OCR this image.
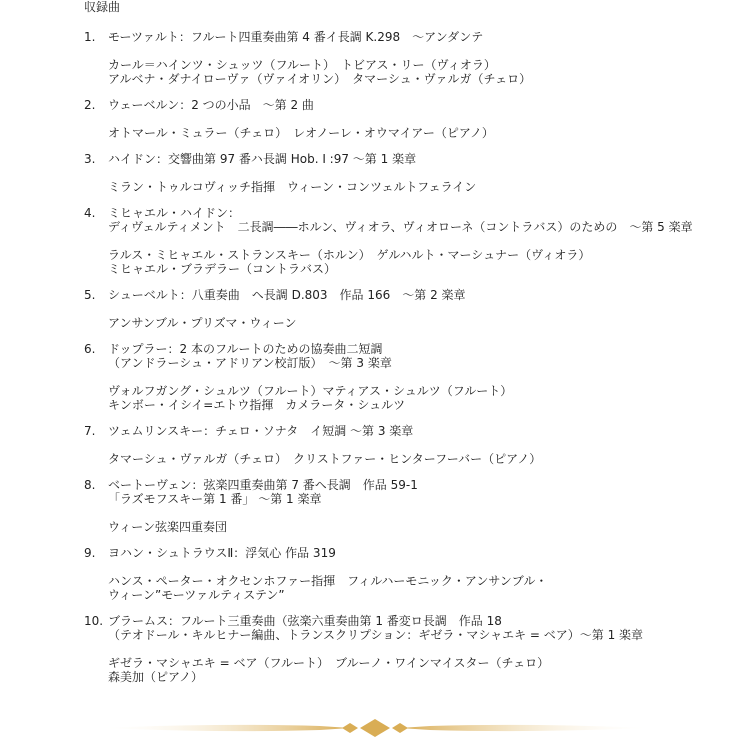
収録曲
1.	モーツァルト：フルート四重奏曲第 4 番イ長調 K.298　～アンダンテ
カール＝ハインツ・シュッツ（フルート）　トビアス・リー（ヴィオラ）
アルベナ・ダナイローヴァ（ヴァイオリン）　タマーシュ・ヴァルガ（チェロ）
2.	ウェーベルン：2 つの小品　～第 2 曲
オトマール・ミュラー（チェロ）　レオノーレ・オウマイアー（ピアノ）
3.	ハイドン：交響曲第 97 番ハ長調 Hob. Ⅰ :97 ～第 1 楽章
ミラン・トゥルコヴィッチ指揮　ウィーン・コンツェルトフェライン
4.	ミヒャエル・ハイドン：
ディヴェルティメント　二長調――ホルン、ヴィオラ、ヴィオローネ（コントラバス）のための　～第 5 楽章
ラルス・ミヒャエル・ストランスキー（ホルン）　ゲルハルト・マーシュナー（ヴィオラ）
ミヒャエル・ブラデラー（コントラバス）
5.	シューベルト：八重奏曲　ヘ長調 D.803　作品 166　～第 2 楽章
アンサンブル・プリズマ・ウィーン
6.	ドップラー：2 本のフルートのための協奏曲二短調
（アンドラーシュ・アドリアン校訂版）　～第 3 楽章
ヴォルフガング・シュルツ（フルート）マティアス・シュルツ（フルート）
キンボー・イシイ=エトウ指揮　カメラータ・シュルツ
7.	ツェムリンスキー：チェロ・ソナタ　イ短調 ～第 3 楽章
タマーシュ・ヴァルガ（チェロ）　クリストファー・ヒンターフーバー（ピアノ）
8.	ベートーヴェン：弦楽四重奏曲第 7 番ヘ長調　作品 59-1
「ラズモフスキー第 1 番」 ～第 1 楽章
ウィーン弦楽四重奏団
9.	ヨハン・シュトラウスⅡ：浮気心 作品 319
ハンス・ペーター・オクセンホファー指揮　フィルハーモニック・アンサンブル・
ウィーン”モーツァルティステン”
10. ブラームス：フルート三重奏曲（弦楽六重奏曲第 1 番変ロ長調　作品 18
（テオドール・キルヒナー編曲、トランスクリプション：ギゼラ・マシャエキ = ベア）～第 1 楽章
ギゼラ・マシャエキ = ベア（フルート）　ブルーノ・ワインマイスター（チェロ）
森美加（ピアノ）
